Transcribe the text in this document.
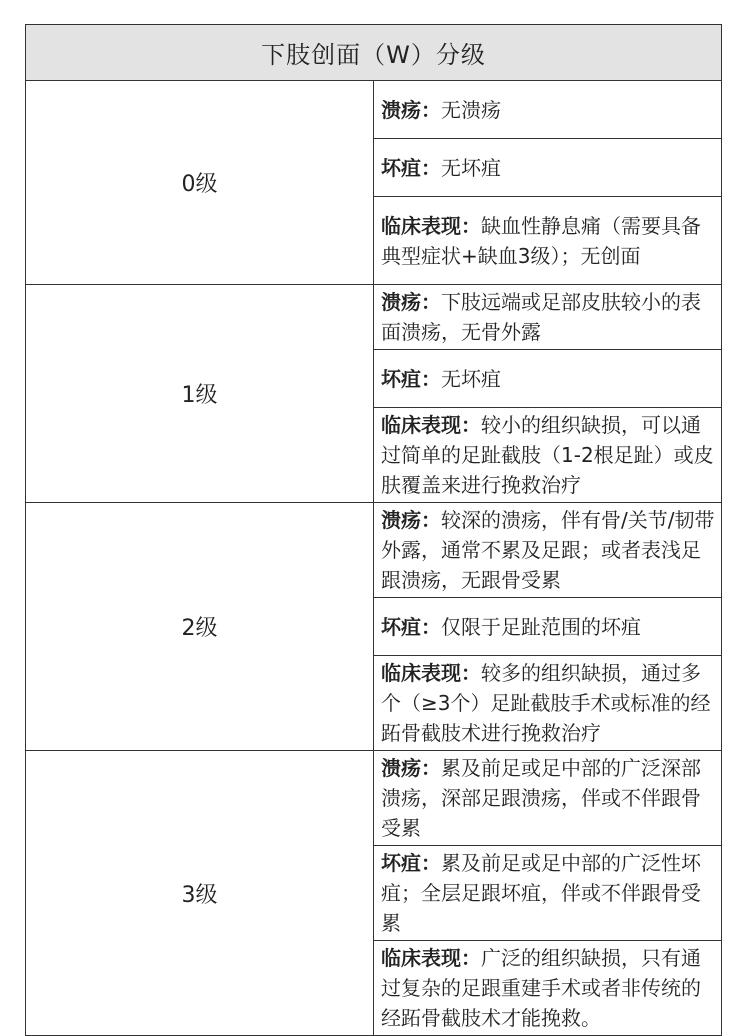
下肢创面（W）分级	
0级	溃疡：无溃疡
	坏疽：无坏疽
	临床表现：缺血性静息痛（需要具备典型症状+缺血3级）；无创面
1级	溃疡：下肢远端或足部皮肤较小的表面溃疡，无骨外露
	坏疽：无坏疽
	临床表现：较小的组织缺损，可以通过简单的足趾截肢（1-2根足趾）或皮肤覆盖来进行挽救治疗
2级	溃疡：较深的溃疡，伴有骨/关节/韧带外露，通常不累及足跟；或者表浅足跟溃疡，无跟骨受累
	坏疽：仅限于足趾范围的坏疽
	临床表现：较多的组织缺损，通过多个（≥3个）足趾截肢手术或标准的经跖骨截肢术进行挽救治疗
3级	溃疡：累及前足或足中部的广泛深部溃疡，深部足跟溃疡，伴或不伴跟骨受累
	坏疽：累及前足或足中部的广泛性坏疽；全层足跟坏疽，伴或不伴跟骨受累
	临床表现：广泛的组织缺损，只有通过复杂的足跟重建手术或者非传统的经跖骨截肢术才能挽救。
